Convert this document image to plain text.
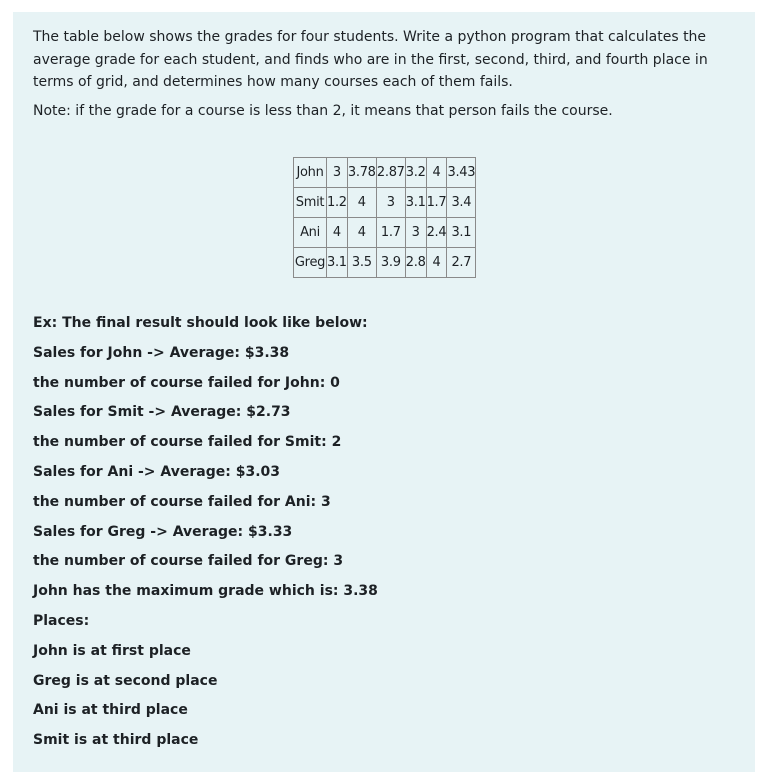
The table below shows the grades for four students. Write a python program that calculates the average grade for each student, and finds who are in the first, second, third, and fourth place in terms of grid, and determines how many courses each of them fails.

Note: if the grade for a course is less than 2, it means that person fails the course.

John	3	3.78	2.87	3.2	4	3.43
Smit	1.2	4	3	3.1	1.7	3.4
Ani	4	4	1.7	3	2.4	3.1
Greg	3.1	3.5	3.9	2.8	4	2.7
Ex: The final result should look like below:
Sales for John -> Average: $3.38
the number of course failed for John: 0
Sales for Smit -> Average: $2.73
the number of course failed for Smit: 2
Sales for Ani -> Average: $3.03
the number of course failed for Ani: 3
Sales for Greg -> Average: $3.33
the number of course failed for Greg: 3
John has the maximum grade which is: 3.38
Places:
John is at first place
Greg is at second place
Ani is at third place
Smit is at third place
